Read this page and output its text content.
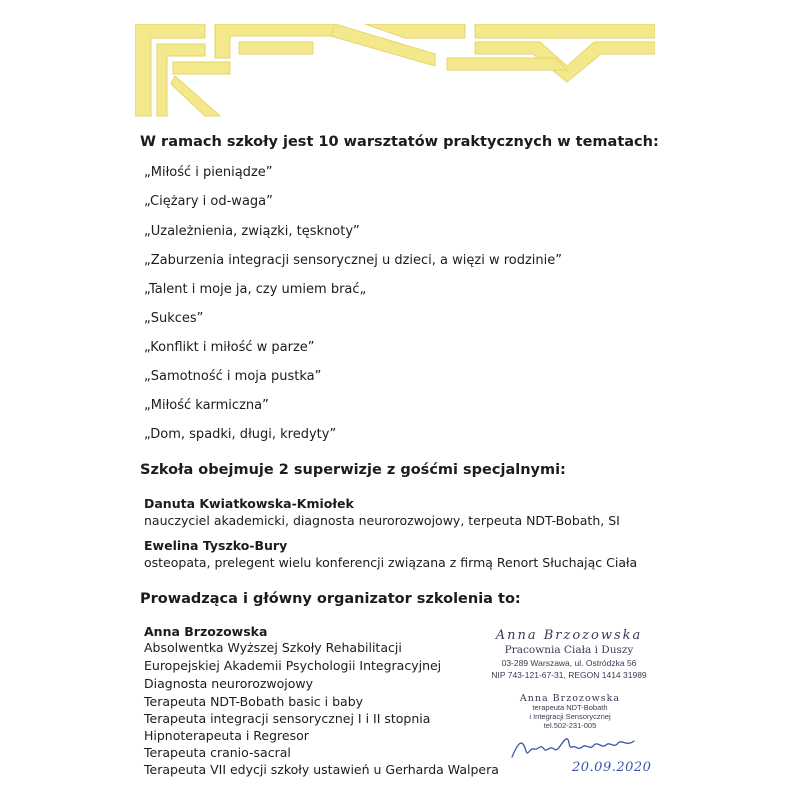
W ramach szkoły jest 10 warsztatów praktycznych w tematach:
„Miłość i pieniądze”
„Ciężary i od-waga”
„Uzależnienia, związki, tęsknoty”
„Zaburzenia integracji sensorycznej u dzieci, a więzi w rodzinie”
„Talent i moje ja, czy umiem brać„
„Sukces”
„Konflikt i miłość w parze”
„Samotność i moja pustka”
„Miłość karmiczna”
„Dom, spadki, długi, kredyty”
Szkoła obejmuje 2 superwizje z gośćmi specjalnymi:
Danuta Kwiatkowska-Kmiołek
nauczyciel akademicki, diagnosta neurorozwojowy, terpeuta NDT-Bobath, SI
Ewelina Tyszko-Bury
osteopata, prelegent wielu konferencji związana z firmą Renort Słuchając Ciała
Prowadząca i główny organizator szkolenia to:
Anna Brzozowska
Absolwentka Wyższej Szkoły Rehabilitacji
Europejskiej Akademii Psychologii Integracyjnej
Diagnosta neurorozwojowy
Terapeuta NDT-Bobath basic i baby
Terapeuta integracji sensorycznej I i II stopnia
Hipnoterapeuta i Regresor
Terapeuta cranio-sacral
Terapeuta VII edycji szkoły ustawień u Gerharda Walpera
Anna Brzozowska
Pracownia Ciała i Duszy
03-289 Warszawa, ul. Ostródzka 56
NIP 743-121-67-31, REGON 1414 31989
Anna Brzozowska
terapeuta NDT-Bobath
i Integracji Sensorycznej
tel.502-231-005
20.09.2020
